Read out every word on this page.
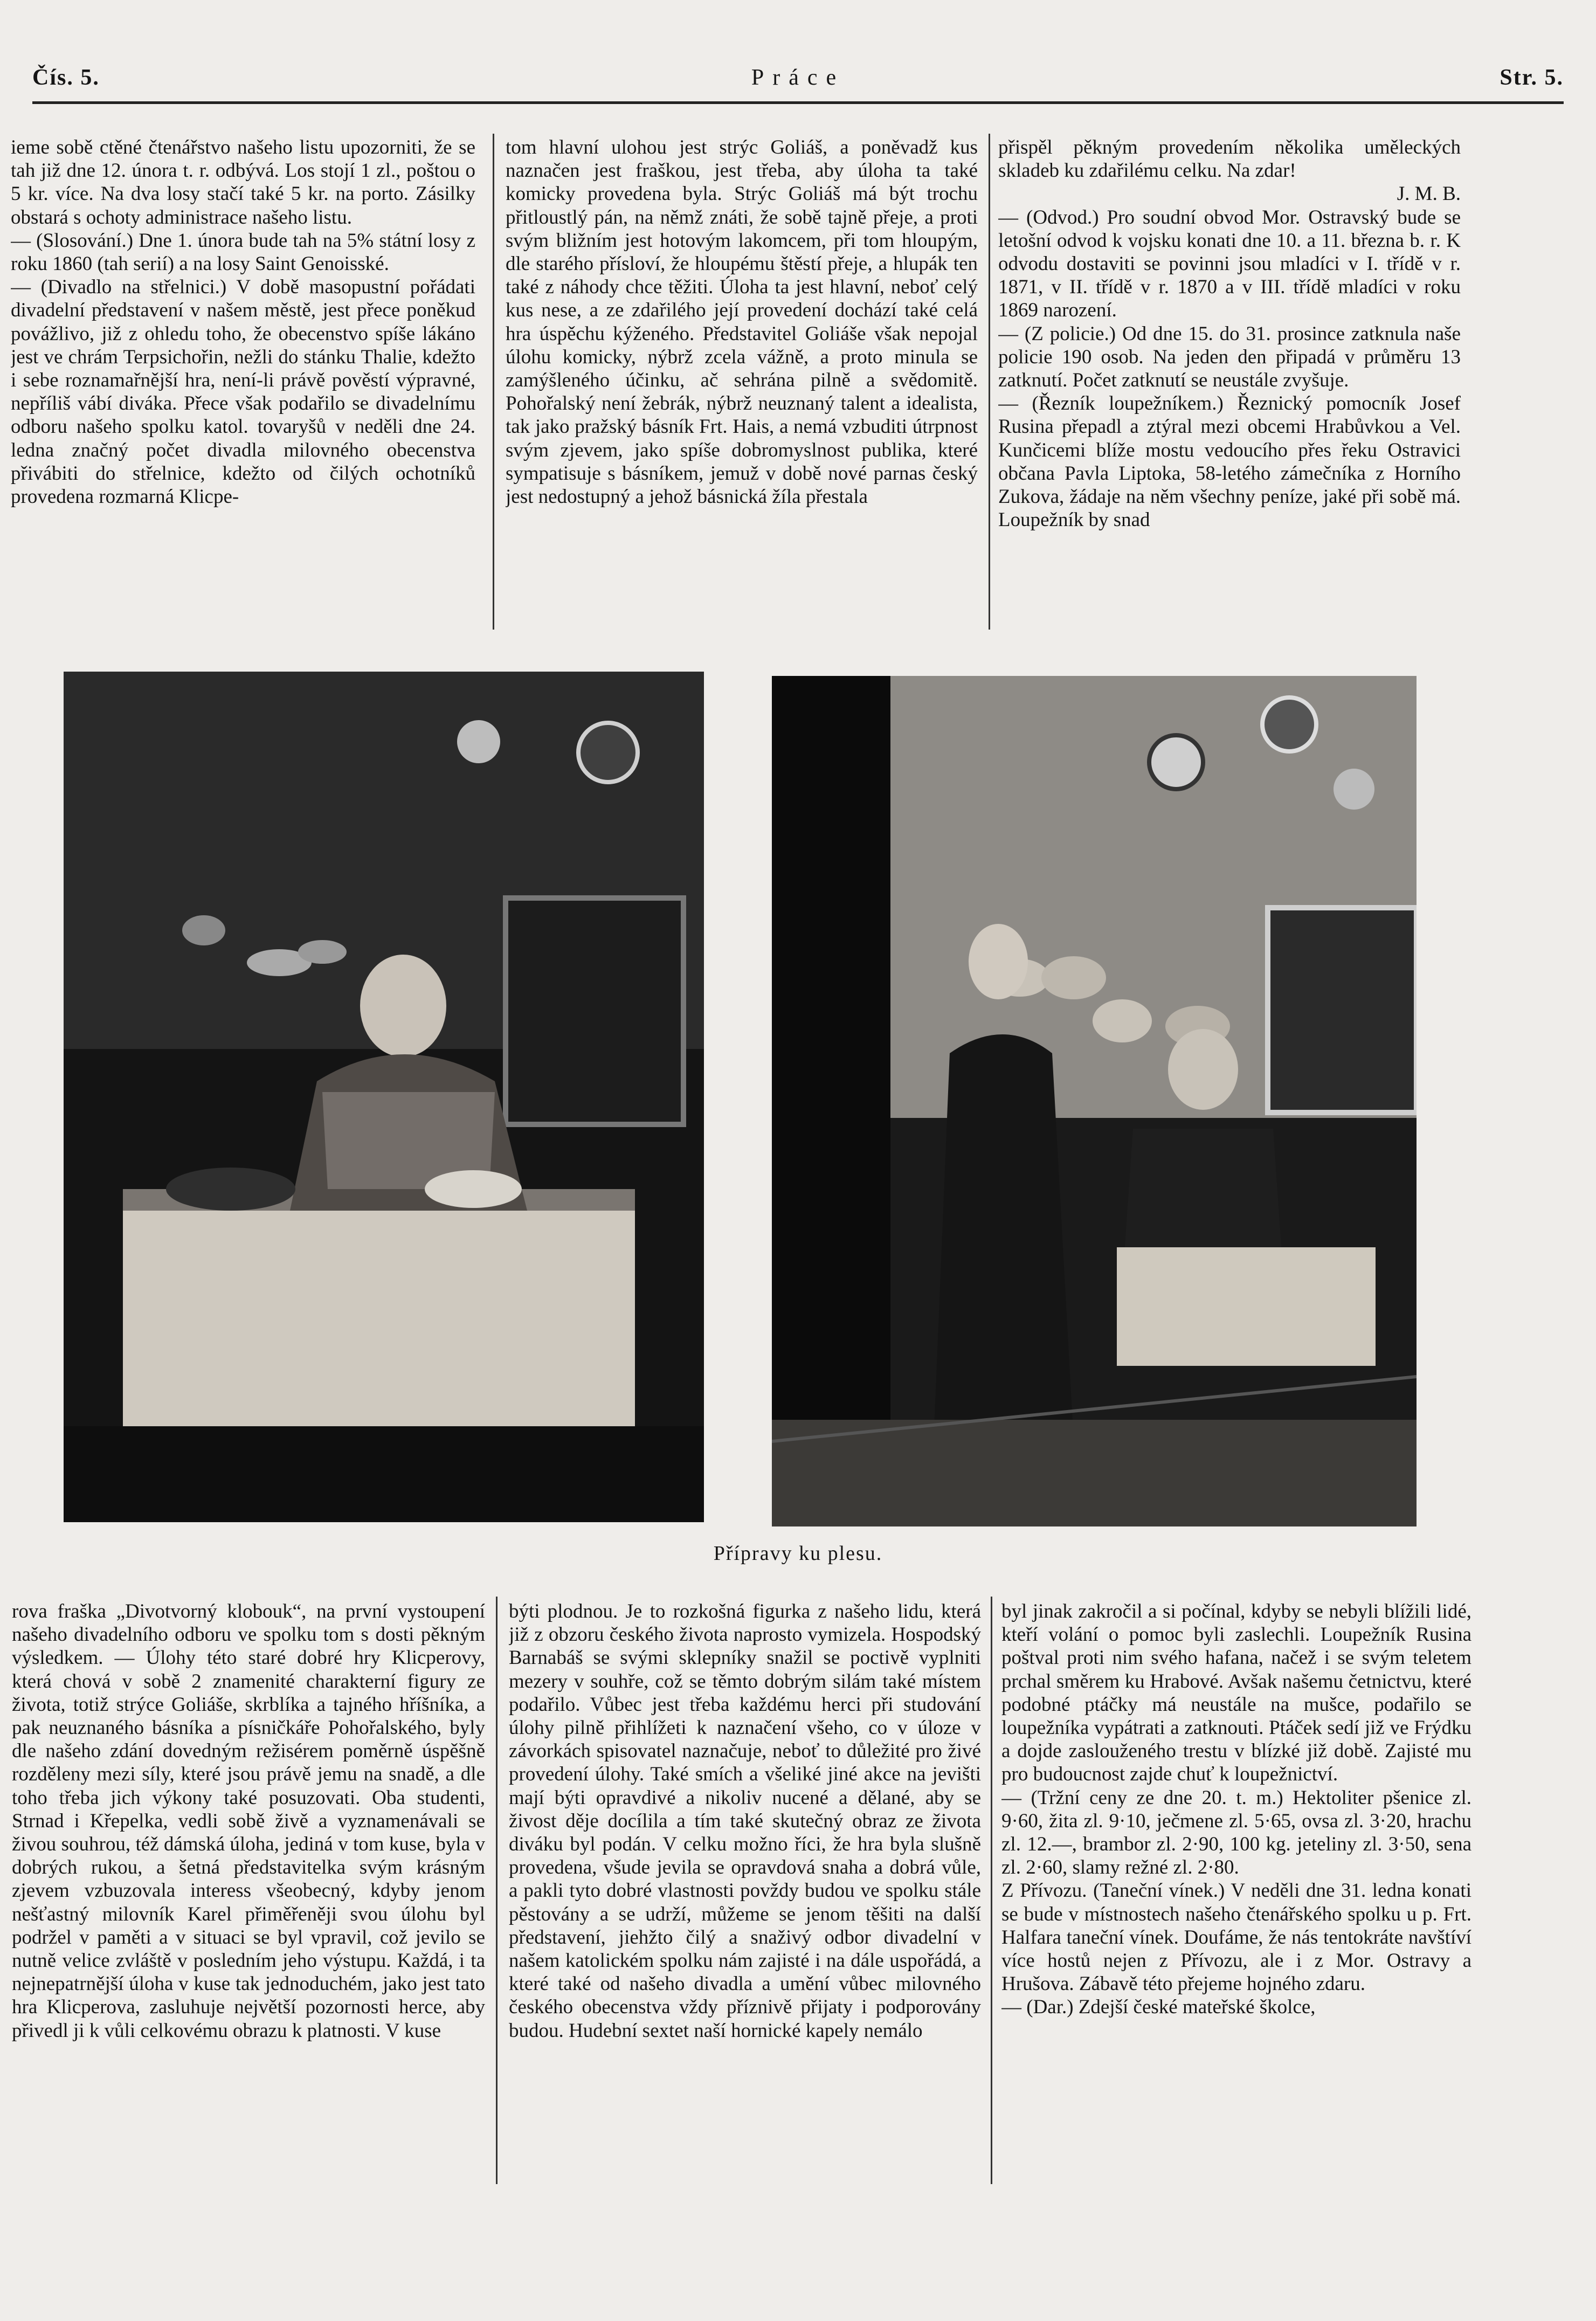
Čís. 5.	Práce	Str. 5.

ieme sobě ctěné čtenářstvo našeho listu upozorniti, že se tah již dne 12. února t. r. odbývá. Los stojí 1 zl., poštou o 5 kr. více. Na dva losy stačí také 5 kr. na porto. Zásilky obstará s ochoty administrace našeho listu.

— (Slosování.) Dne 1. února bude tah na 5% státní losy z roku 1860 (tah serií) a na losy Saint Genoisské.

— (Divadlo na střelnici.) V době masopustní pořádati divadelní představení v našem městě, jest přece poněkud povážlivo, již z ohledu toho, že obecenstvo spíše lákáno jest ve chrám Terpsichořin, nežli do stánku Thalie, kdežto i sebe roznamařnější hra, není-li právě pověstí výpravné, nepříliš vábí diváka. Přece však podařilo se divadelnímu odboru našeho spolku katol. tovaryšů v neděli dne 24. ledna značný počet divadla milovného obecenstva přivábiti do střelnice, kdežto od čilých ochotníků provedena rozmarná Klicpe-

tom hlavní ulohou jest strýc Goliáš, a poněvadž kus naznačen jest fraškou, jest třeba, aby úloha ta také komicky provedena byla. Strýc Goliáš má být trochu přitloustlý pán, na němž znáti, že sobě tajně přeje, a proti svým bližním jest hotovým lakomcem, při tom hloupým, dle starého přísloví, že hloupému štěstí přeje, a hlupák ten také z náhody chce těžiti. Úloha ta jest hlavní, neboť celý kus nese, a ze zdařilého její provedení dochází také celá hra úspěchu kýženého. Představitel Goliáše však nepojal úlohu komicky, nýbrž zcela vážně, a proto minula se zamýšleného účinku, ač sehrána pilně a svědomitě. Pohořalský není žebrák, nýbrž neuznaný talent a idealista, tak jako pražský básník Frt. Hais, a nemá vzbuditi útrpnost svým zjevem, jako spíše dobromyslnost publika, které sympatisuje s básníkem, jemuž v době nové parnas český jest nedostupný a jehož básnická žíla přestala

přispěl pěkným provedením několika uměleckých skladeb ku zdařilému celku. Na zdar!

J. M. B.

— (Odvod.) Pro soudní obvod Mor. Ostravský bude se letošní odvod k vojsku konati dne 10. a 11. března b. r. K odvodu dostaviti se povinni jsou mladíci v I. třídě v r. 1871, v II. třídě v r. 1870 a v III. třídě mladíci v roku 1869 narození.

— (Z policie.) Od dne 15. do 31. prosince zatknula naše policie 190 osob. Na jeden den připadá v průměru 13 zatknutí. Počet zatknutí se neustále zvyšuje.

— (Řezník loupežníkem.) Řeznický pomocník Josef Rusina přepadl a ztýral mezi obcemi Hrabůvkou a Vel. Kunčicemi blíže mostu vedoucího přes řeku Ostravici občana Pavla Liptoka, 58-letého zámečníka z Horního Zukova, žádaje na něm všechny peníze, jaké při sobě má. Loupežník by snad

Přípravy ku plesu.

rova fraška „Divotvorný klobouk“, na první vystoupení našeho divadelního odboru ve spolku tom s dosti pěkným výsledkem. — Úlohy této staré dobré hry Klicperovy, která chová v sobě 2 znamenité charakterní figury ze života, totiž strýce Goliáše, skrblíka a tajného hříšníka, a pak neuznaného básníka a písničkáře Pohořalského, byly dle našeho zdání dovedným režisérem poměrně úspěšně rozděleny mezi síly, které jsou právě jemu na snadě, a dle toho třeba jich výkony také posuzovati. Oba studenti, Strnad i Křepelka, vedli sobě živě a vyznamenávali se živou souhrou, též dámská úloha, jediná v tom kuse, byla v dobrých rukou, a šetná představitelka svým krásným zjevem vzbuzovala interess všeobecný, kdyby jenom nešťastný milovník Karel přiměřeněji svou úlohu byl podržel v paměti a v situaci se byl vpravil, což jevilo se nutně velice zvláště v posledním jeho výstupu. Každá, i ta nejnepatrnější úloha v kuse tak jednoduchém, jako jest tato hra Klicperova, zasluhuje největší pozornosti herce, aby přivedl ji k vůli celkovému obrazu k platnosti. V kuse

býti plodnou. Je to rozkošná figurka z našeho lidu, která již z obzoru českého života naprosto vymizela. Hospodský Barnabáš se svými sklepníky snažil se poctivě vyplniti mezery v souhře, což se těmto dobrým silám také místem podařilo. Vůbec jest třeba každému herci při studování úlohy pilně přihlížeti k naznačení všeho, co v úloze v závorkách spisovatel naznačuje, neboť to důležité pro živé provedení úlohy. Také smích a všeliké jiné akce na jevišti mají býti opravdivé a nikoliv nucené a dělané, aby se živost děje docílila a tím také skutečný obraz ze života diváku byl podán. V celku možno říci, že hra byla slušně provedena, všude jevila se opravdová snaha a dobrá vůle, a pakli tyto dobré vlastnosti povždy budou ve spolku stále pěstovány a se udrží, můžeme se jenom těšiti na další představení, jiehžto čilý a snaživý odbor divadelní v našem katolickém spolku nám zajisté i na dále uspořádá, a které také od našeho divadla a umění vůbec milovného českého obecenstva vždy příznivě přijaty i podporovány budou. Hudební sextet naší hornické kapely nemálo

byl jinak zakročil a si počínal, kdyby se nebyli blížili lidé, kteří volání o pomoc byli zaslechli. Loupežník Rusina poštval proti nim svého hafana, načež i se svým teletem prchal směrem ku Hrabové. Avšak našemu četnictvu, které podobné ptáčky má neustále na mušce, podařilo se loupežníka vypátrati a zatknouti. Ptáček sedí již ve Frýdku a dojde zaslouženého trestu v blízké již době. Zajisté mu pro budoucnost zajde chuť k loupežnictví.

— (Tržní ceny ze dne 20. t. m.) Hektoliter pšenice zl. 9·60, žita zl. 9·10, ječmene zl. 5·65, ovsa zl. 3·20, hrachu zl. 12.—, brambor zl. 2·90, 100 kg. jeteliny zl. 3·50, sena zl. 2·60, slamy režné zl. 2·80.

Z Přívozu. (Taneční vínek.) V neděli dne 31. ledna konati se bude v místnostech našeho čtenářského spolku u p. Frt. Halfara taneční vínek. Doufáme, že nás tentokráte navštíví více hostů nejen z Přívozu, ale i z Mor. Ostravy a Hrušova. Zábavě této přejeme hojného zdaru.

— (Dar.) Zdejší české mateřské školce,
